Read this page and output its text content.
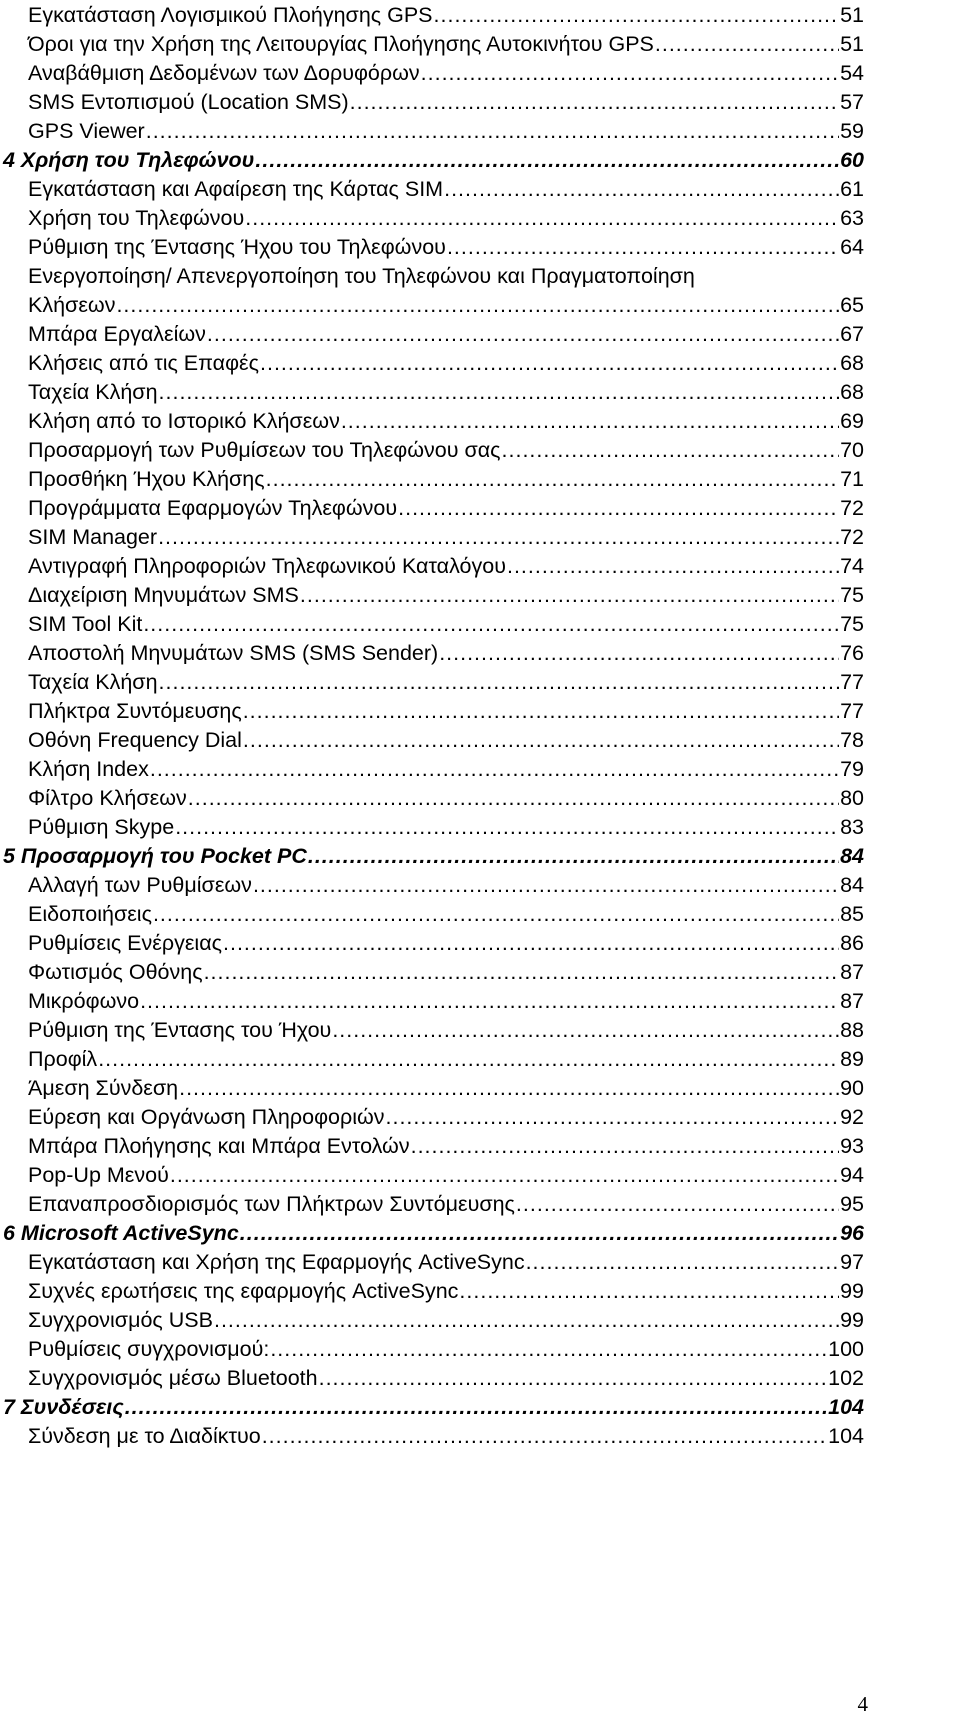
Εγκατάσταση Λογισμικού Πλοήγησης GPS .....	51
Όροι για την Χρήση της Λειτουργίας Πλοήγησης Αυτοκινήτου GPS .....	51
Αναβάθμιση Δεδομένων των Δορυφόρων .....	54
SMS Εντοπισμού (Location SMS) .....	57
GPS Viewer .....	59
4 Χρήση του Τηλεφώνου .....	60
Εγκατάσταση και Αφαίρεση της Κάρτας SIM .....	61
Χρήση του Τηλεφώνου .....	63
Ρύθμιση της Έντασης Ήχου του Τηλεφώνου .....	64
Ενεργοποίηση/ Απενεργοποίηση του Τηλεφώνου και Πραγματοποίηση
Κλήσεων .....	65
Μπάρα Εργαλείων .....	67
Κλήσεις από τις Επαφές .....	68
Ταχεία Κλήση .....	68
Κλήση από το Ιστορικό Κλήσεων .....	69
Προσαρμογή των Ρυθμίσεων του Τηλεφώνου σας .....	70
Προσθήκη Ήχου Κλήσης .....	71
Προγράμματα Εφαρμογών Τηλεφώνου .....	72
SIM Manager .....	72
Αντιγραφή Πληροφοριών Τηλεφωνικού Καταλόγου .....	74
Διαχείριση Μηνυμάτων SMS .....	75
SIM Tool Kit .....	75
Αποστολή Μηνυμάτων SMS (SMS Sender) .....	76
Ταχεία Κλήση .....	77
Πλήκτρα Συντόμευσης .....	77
Οθόνη Frequency Dial .....	78
Κλήση Index .....	79
Φίλτρο Κλήσεων .....	80
Ρύθμιση Skype .....	83
5 Προσαρμογή του Pocket PC .....	84
Αλλαγή των Ρυθμίσεων .....	84
Ειδοποιήσεις .....	85
Ρυθμίσεις Ενέργειας .....	86
Φωτισμός Οθόνης .....	87
Μικρόφωνο .....	87
Ρύθμιση της Έντασης του Ήχου .....	88
Προφίλ .....	89
Άμεση Σύνδεση .....	90
Εύρεση και Οργάνωση Πληροφοριών .....	92
Μπάρα Πλοήγησης και Μπάρα Εντολών .....	93
Pop-Up Μενού .....	94
Επαναπροσδιορισμός των Πλήκτρων Συντόμευσης .....	95
6 Microsoft ActiveSync .....	96
Εγκατάσταση και Χρήση της Εφαρμογής ActiveSync .....	97
Συχνές ερωτήσεις της εφαρμογής ActiveSync .....	99
Συγχρονισμός USB .....	99
Ρυθμίσεις συγχρονισμού: .....	100
Συγχρονισμός μέσω Bluetooth .....	102
7 Συνδέσεις .....	104
Σύνδεση με το Διαδίκτυο .....	104
4
